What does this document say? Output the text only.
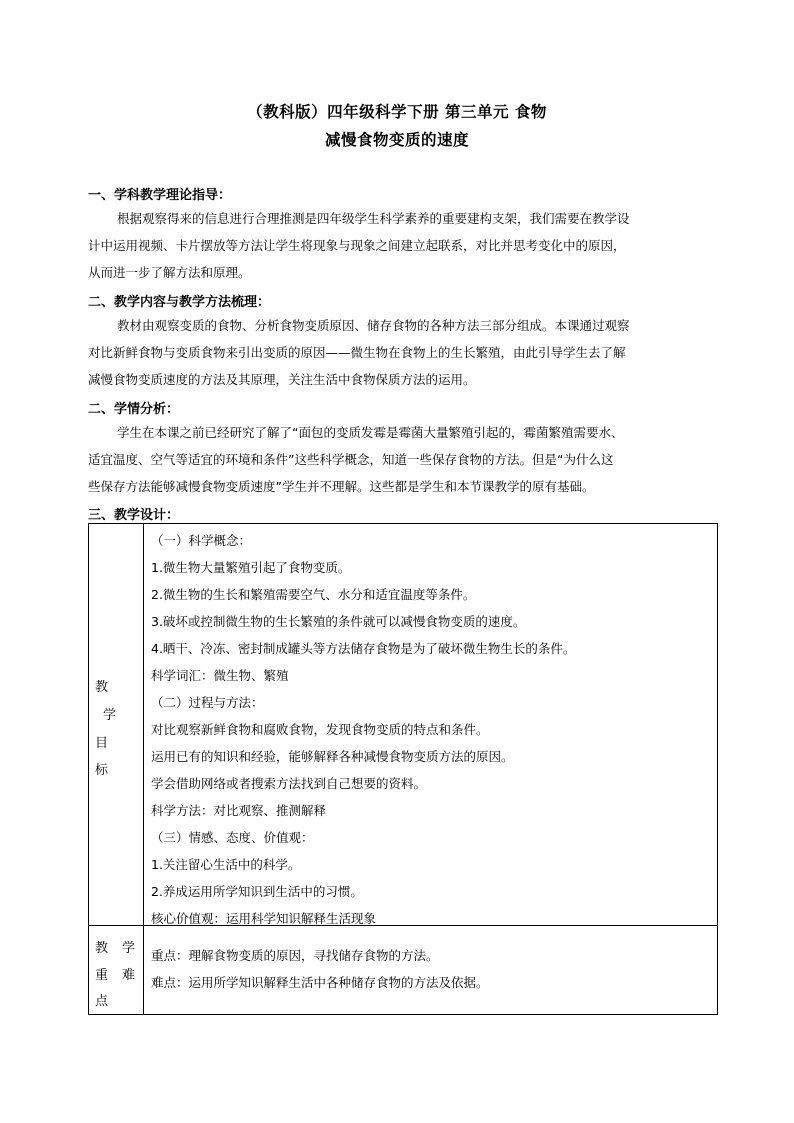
（教科版）四年级科学下册 第三单元 食物
减慢食物变质的速度
一、学科教学理论指导：
根据观察得来的信息进行合理推测是四年级学生科学素养的重要建构支架，我们需要在教学设
计中运用视频、卡片摆放等方法让学生将现象与现象之间建立起联系，对比并思考变化中的原因，
从而进一步了解方法和原理。
二、教学内容与教学方法梳理：
教材由观察变质的食物、分析食物变质原因、储存食物的各种方法三部分组成。本课通过观察
对比新鲜食物与变质食物来引出变质的原因——微生物在食物上的生长繁殖，由此引导学生去了解
减慢食物变质速度的方法及其原理，关注生活中食物保质方法的运用。
二、学情分析：
学生在本课之前已经研究了解了“面包的变质发霉是霉菌大量繁殖引起的，霉菌繁殖需要水、
适宜温度、空气等适宜的环境和条件”这些科学概念，知道一些保存食物的方法。但是“为什么这
些保存方法能够减慢食物变质速度”学生并不理解。这些都是学生和本节课教学的原有基础。
三、教学设计：
教
学
目
标
（一）科学概念：
1.微生物大量繁殖引起了食物变质。
2.微生物的生长和繁殖需要空气、水分和适宜温度等条件。
3.破坏或控制微生物的生长繁殖的条件就可以减慢食物变质的速度。
4.晒干、冷冻、密封制成罐头等方法储存食物是为了破坏微生物生长的条件。
科学词汇：微生物、繁殖
（二）过程与方法：
对比观察新鲜食物和腐败食物，发现食物变质的特点和条件。
运用已有的知识和经验，能够解释各种减慢食物变质方法的原因。
学会借助网络或者搜索方法找到自己想要的资料。
科学方法：对比观察、推测解释
（三）情感、态度、价值观：
1.关注留心生活中的科学。
2.养成运用所学知识到生活中的习惯。
核心价值观：运用科学知识解释生活现象
教 学
重 难
点
重点：理解食物变质的原因，寻找储存食物的方法。
难点：运用所学知识解释生活中各种储存食物的方法及依据。
